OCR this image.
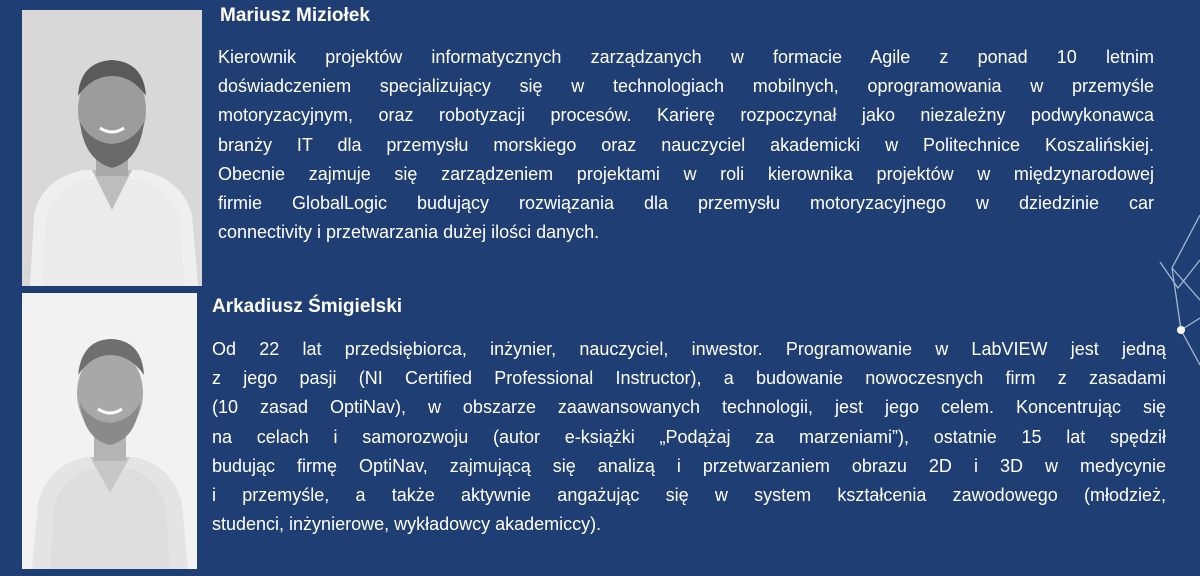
Mariusz Miziołek
Kierownik projektów informatycznych zarządzanych w formacie Agile z ponad 10 letnim
doświadczeniem specjalizujący się w technologiach mobilnych, oprogramowania w przemyśle
motoryzacyjnym, oraz robotyzacji procesów. Karierę rozpoczynał jako niezależny podwykonawca
branży IT dla przemysłu morskiego oraz nauczyciel akademicki w Politechnice Koszalińskiej.
Obecnie zajmuje się zarządzeniem projektami w roli kierownika projektów w międzynarodowej
firmie GlobalLogic budujący rozwiązania dla przemysłu motoryzacyjnego w dziedzinie car
connectivity i przetwarzania dużej ilości danych.
Arkadiusz Śmigielski
Od 22 lat przedsiębiorca, inżynier, nauczyciel, inwestor. Programowanie w LabVIEW jest jedną
z jego pasji (NI Certified Professional Instructor), a budowanie nowoczesnych firm z zasadami
(10 zasad OptiNav), w obszarze zaawansowanych technologii, jest jego celem. Koncentrując się
na celach i samorozwoju (autor e-książki „Podążaj za marzeniami”), ostatnie 15 lat spędził
budując firmę OptiNav, zajmującą się analizą i przetwarzaniem obrazu 2D i 3D w medycynie
i przemyśle, a także aktywnie angażując się w system kształcenia zawodowego (młodzież,
studenci, inżynierowe, wykładowcy akademiccy).
